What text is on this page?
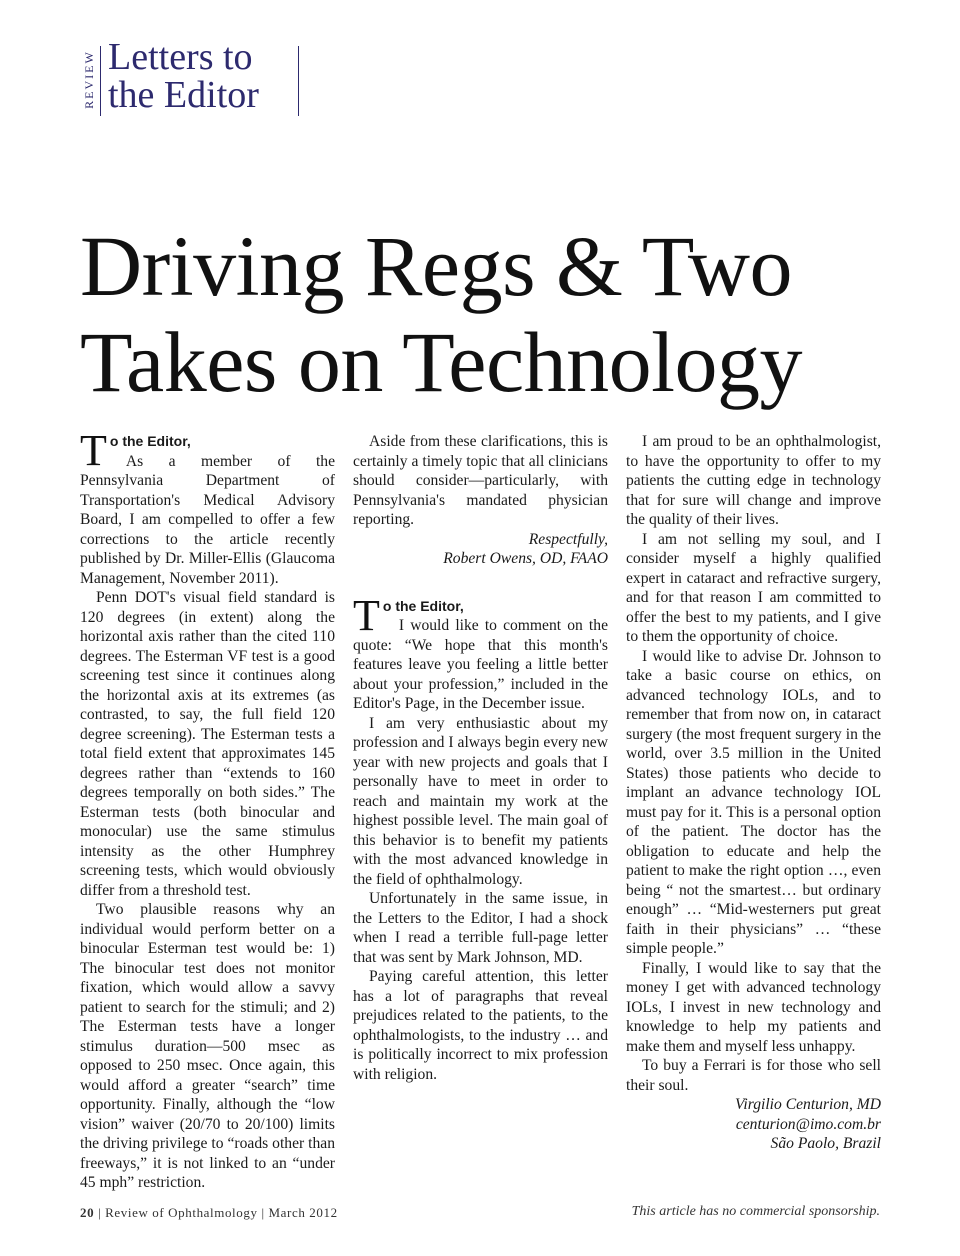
REVIEW Letters to
the Editor
Driving Regs & Two
Takes on Technology

To the Editor,

As a member of the Pennsylvania Department of Transportation's Medical Advisory Board, I am compelled to offer a few corrections to the article recently published by Dr. Miller-Ellis (Glaucoma Management, November 2011).

Penn DOT's visual field standard is 120 degrees (in extent) along the horizontal axis rather than the cited 110 degrees. The Esterman VF test is a good screening test since it continues along the horizontal axis at its extremes (as contrasted, to say, the full field 120 degree screening). The Esterman tests a total field extent that approximates 145 degrees rather than “extends to 160 degrees temporally on both sides.” The Esterman tests (both binocular and monocular) use the same stimulus intensity as the other Humphrey screening tests, which would obviously differ from a threshold test.

Two plausible reasons why an individual would perform better on a binocular Esterman test would be: 1) The binocular test does not monitor fixation, which would allow a savvy patient to search for the stimuli; and 2) The Esterman tests have a longer stimulus duration—500 msec as opposed to 250 msec. Once again, this would afford a greater “search” time opportunity. Finally, although the “low vision” waiver (20/70 to 20/100) limits the driving privilege to “roads other than freeways,” it is not linked to an “under 45 mph” restriction.

Aside from these clarifications, this is certainly a timely topic that all clinicians should consider—particularly, with Pennsylvania's mandated physician reporting.

Respectfully,

Robert Owens, OD, FAAO

To the Editor,

I would like to comment on the quote: “We hope that this month's features leave you feeling a little better about your profession,” included in the Editor's Page, in the December issue.

I am very enthusiastic about my profession and I always begin every new year with new projects and goals that I personally have to meet in order to reach and maintain my work at the highest possible level. The main goal of this behavior is to benefit my patients with the most advanced knowledge in the field of ophthalmology.

Unfortunately in the same issue, in the Letters to the Editor, I had a shock when I read a terrible full-page letter that was sent by Mark Johnson, MD.

Paying careful attention, this letter has a lot of paragraphs that reveal prejudices related to the patients, to the ophthalmologists, to the industry … and is politically incorrect to mix profession with religion.

I am proud to be an ophthalmologist, to have the opportunity to offer to my patients the cutting edge in technology that for sure will change and improve the quality of their lives.

I am not selling my soul, and I consider myself a highly qualified expert in cataract and refractive surgery, and for that reason I am committed to offer the best to my patients, and I give to them the opportunity of choice.

I would like to advise Dr. Johnson to take a basic course on ethics, on advanced technology IOLs, and to remember that from now on, in cataract surgery (the most frequent surgery in the world, over 3.5 million in the United States) those patients who decide to implant an advance technology IOL must pay for it. This is a personal option of the patient. The doctor has the obligation to educate and help the patient to make the right option …, even being “ not the smartest… but ordinary enough” … “Mid-westerners put great faith in their physicians” … “these simple people.”

Finally, I would like to say that the money I get with advanced technology IOLs, I invest in new technology and knowledge to help my patients and make them and myself less unhappy.

To buy a Ferrari is for those who sell their soul.

Virgilio Centurion, MD

centurion@imo.com.br

São Paolo, Brazil

20 | Review of Ophthalmology | March 2012	This article has no commercial sponsorship.
